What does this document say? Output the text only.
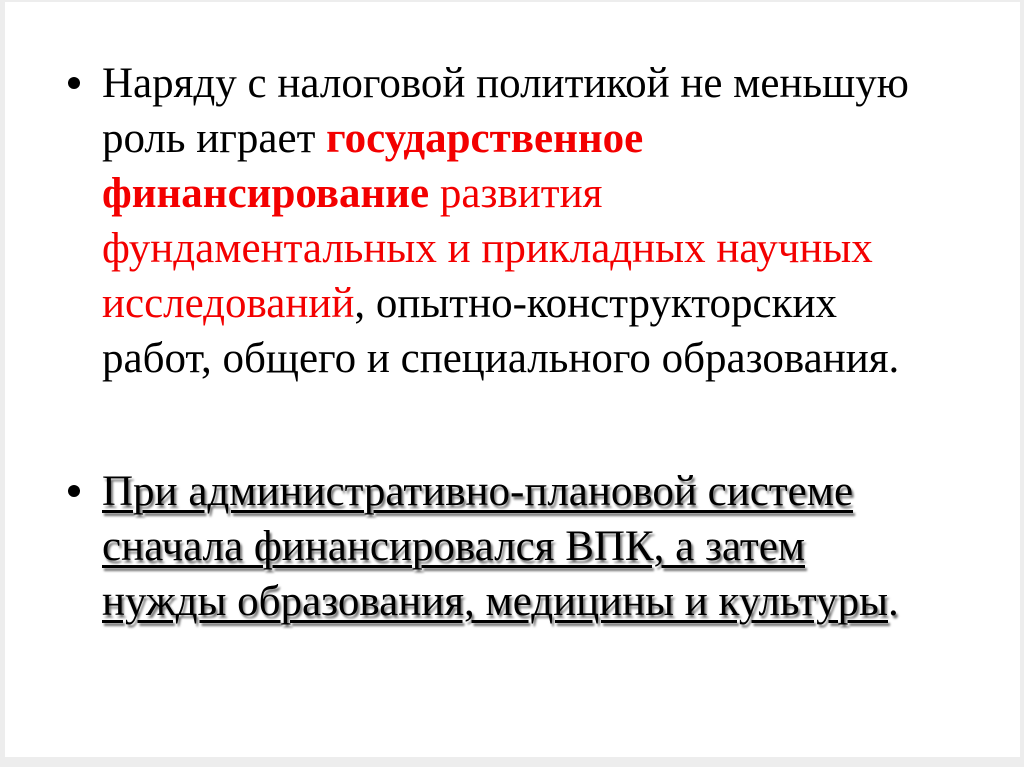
Наряду с налоговой политикой не меньшую
роль играет государственное
финансирование развития
фундаментальных и прикладных научных
исследований, опытно-конструкторских
работ, общего и специального образования.
При административно-плановой системе
сначала финансировался ВПК, а затем
нужды образования, медицины и культуры.
